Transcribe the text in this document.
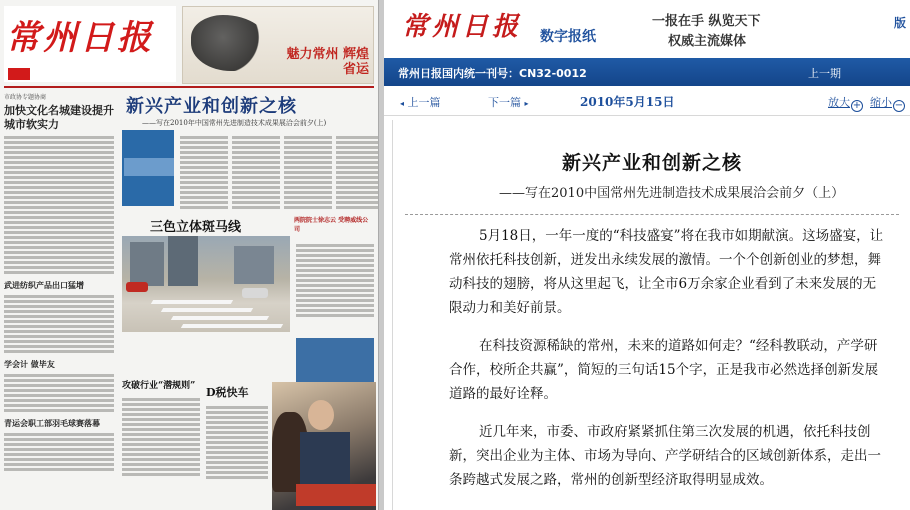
常州日报	魅力常州 辉煌省运
市政协专题协商
加快文化名城建设提升城市软实力
武进纺织产品出口猛增
学会计 做毕友
青运会职工部羽毛球赛落幕
新兴产业和创新之核
——写在2010年中国常州先进制造技术成果展洽会前夕(上)
三色立体斑马线	两院院士徐志云 受聘威线公司
攻破行业“潜规则” D税快车
常州日报 数字报纸
一报在手 纵览天下
权威主流媒体
版
常州日报国内统一刊号：CN32-0012	上一期
◂ 上一篇	下一篇 ▸	2010年5月15日	放大 + 缩小 −
新兴产业和创新之核
——写在2010中国常州先进制造技术成果展洽会前夕（上）

5月18日，一年一度的“科技盛宴”将在我市如期献演。这场盛宴，让常州依托科技创新，迸发出永续发展的激情。一个个创新创业的梦想，舞动科技的翅膀，将从这里起飞，让全市6万余家企业看到了未来发展的无限动力和美好前景。

在科技资源稀缺的常州，未来的道路如何走？“经科教联动，产学研合作，校所企共赢”，简短的三句话15个字，正是我市必然选择创新发展道路的最好诠释。

近几年来，市委、市政府紧紧抓住第三次发展的机遇，依托科技创新，突出企业为主体、市场为导向、产学研结合的区域创新体系，走出一条跨越式发展之路，常州的创新型经济取得明显成效。
